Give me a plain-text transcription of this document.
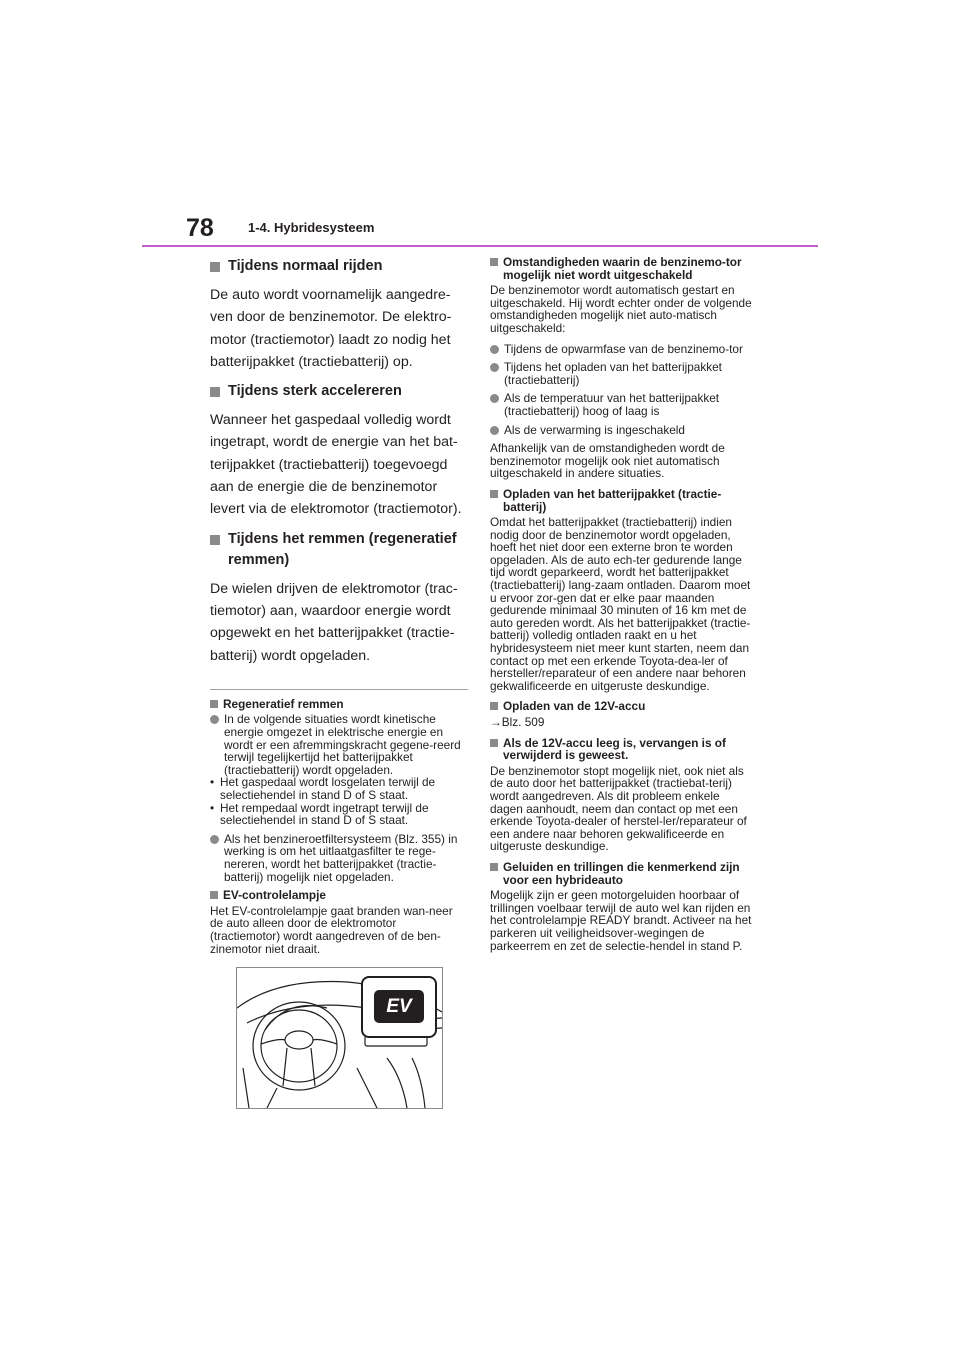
78	1-4. Hybridesysteem
Tijdens normaal rijden
De auto wordt voornamelijk aangedre-ven door de benzinemotor. De elektro-motor (tractiemotor) laadt zo nodig het batterijpakket (tractiebatterij) op.
Tijdens sterk accelereren
Wanneer het gaspedaal volledig wordt ingetrapt, wordt de energie van het bat-terijpakket (tractiebatterij) toegevoegd aan de energie die de benzinemotor levert via de elektromotor (tractiemotor).
Tijdens het remmen (regeneratief remmen)
De wielen drijven de elektromotor (trac-tiemotor) aan, waardoor energie wordt opgewekt en het batterijpakket (tractie-batterij) wordt opgeladen.
Regeneratief remmen
In de volgende situaties wordt kinetische energie omgezet in elektrische energie en wordt er een afremmingskracht gegene-reerd terwijl tegelijkertijd het batterijpakket (tractiebatterij) wordt opgeladen.
• Het gaspedaal wordt losgelaten terwijl de selectiehendel in stand D of S staat.
• Het rempedaal wordt ingetrapt terwijl de selectiehendel in stand D of S staat.
Als het benzineroetfiltersysteem (Blz. 355) in werking is om het uitlaatgasfilter te rege-nereren, wordt het batterijpakket (tractie-batterij) mogelijk niet opgeladen.
EV-controlelampje
Het EV-controlelampje gaat branden wan-neer de auto alleen door de elektromotor (tractiemotor) wordt aangedreven of de ben-zinemotor niet draait.
EV
Omstandigheden waarin de benzinemo-tor mogelijk niet wordt uitgeschakeld
De benzinemotor wordt automatisch gestart en uitgeschakeld. Hij wordt echter onder de volgende omstandigheden mogelijk niet auto-matisch uitgeschakeld:
Tijdens de opwarmfase van de benzinemo-tor
Tijdens het opladen van het batterijpakket (tractiebatterij)
Als de temperatuur van het batterijpakket (tractiebatterij) hoog of laag is
Als de verwarming is ingeschakeld
Afhankelijk van de omstandigheden wordt de benzinemotor mogelijk ook niet automatisch uitgeschakeld in andere situaties.
Opladen van het batterijpakket (tractie-batterij)
Omdat het batterijpakket (tractiebatterij) indien nodig door de benzinemotor wordt opgeladen, hoeft het niet door een externe bron te worden opgeladen. Als de auto ech-ter gedurende lange tijd wordt geparkeerd, wordt het batterijpakket (tractiebatterij) lang-zaam ontladen. Daarom moet u ervoor zor-gen dat er elke paar maanden gedurende minimaal 30 minuten of 16 km met de auto gereden wordt. Als het batterijpakket (tractie-batterij) volledig ontladen raakt en u het hybridesysteem niet meer kunt starten, neem dan contact op met een erkende Toyota-dea-ler of hersteller/reparateur of een andere naar behoren gekwalificeerde en uitgeruste deskundige.
Opladen van de 12V-accu
→Blz. 509
Als de 12V-accu leeg is, vervangen is of verwijderd is geweest.
De benzinemotor stopt mogelijk niet, ook niet als de auto door het batterijpakket (tractiebat-terij) wordt aangedreven. Als dit probleem enkele dagen aanhoudt, neem dan contact op met een erkende Toyota-dealer of herstel-ler/reparateur of een andere naar behoren gekwalificeerde en uitgeruste deskundige.
Geluiden en trillingen die kenmerkend zijn voor een hybrideauto
Mogelijk zijn er geen motorgeluiden hoorbaar of trillingen voelbaar terwijl de auto wel kan rijden en het controlelampje READY brandt. Activeer na het parkeren uit veiligheidsover-wegingen de parkeerrem en zet de selectie-hendel in stand P.
